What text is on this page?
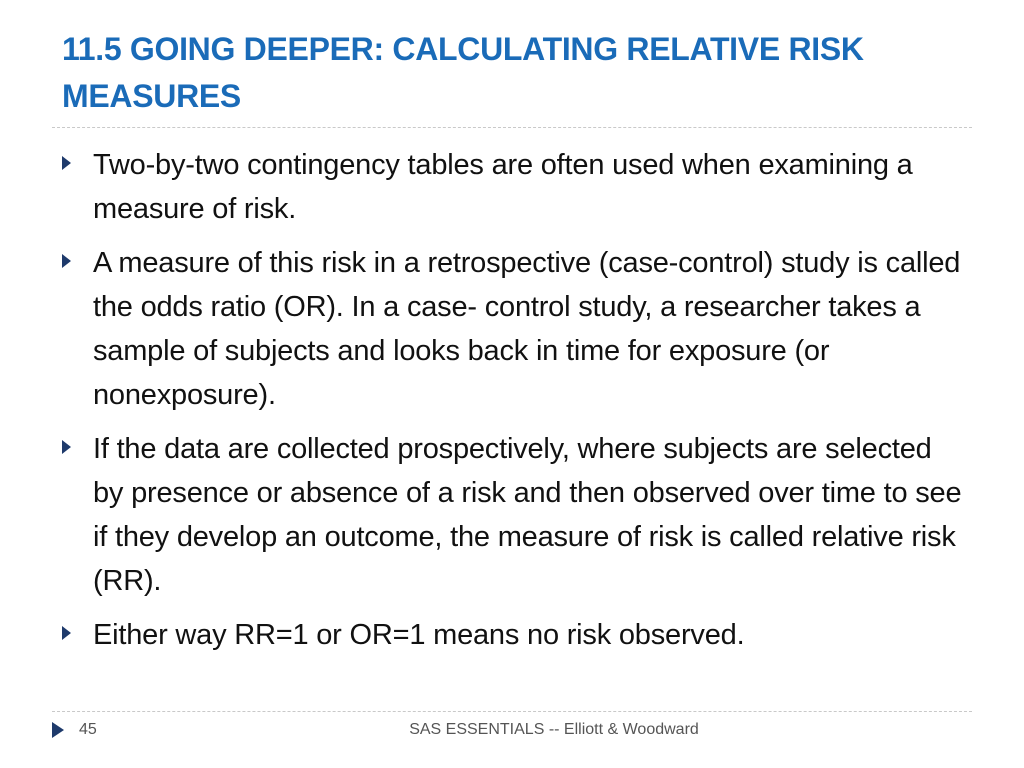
11.5 GOING DEEPER: CALCULATING RELATIVE RISK MEASURES
Two-by-two contingency tables are often used when examining a measure of risk.
A measure of this risk in a retrospective (case-control) study is called the odds ratio (OR). In a case- control study, a researcher takes a sample of subjects and looks back in time for exposure (or nonexposure).
If the data are collected prospectively, where subjects are selected by presence or absence of a risk and then observed over time to see if they develop an outcome, the measure of risk is called relative risk (RR).
Either way RR=1 or OR=1 means no risk observed.
45	SAS ESSENTIALS -- Elliott & Woodward
